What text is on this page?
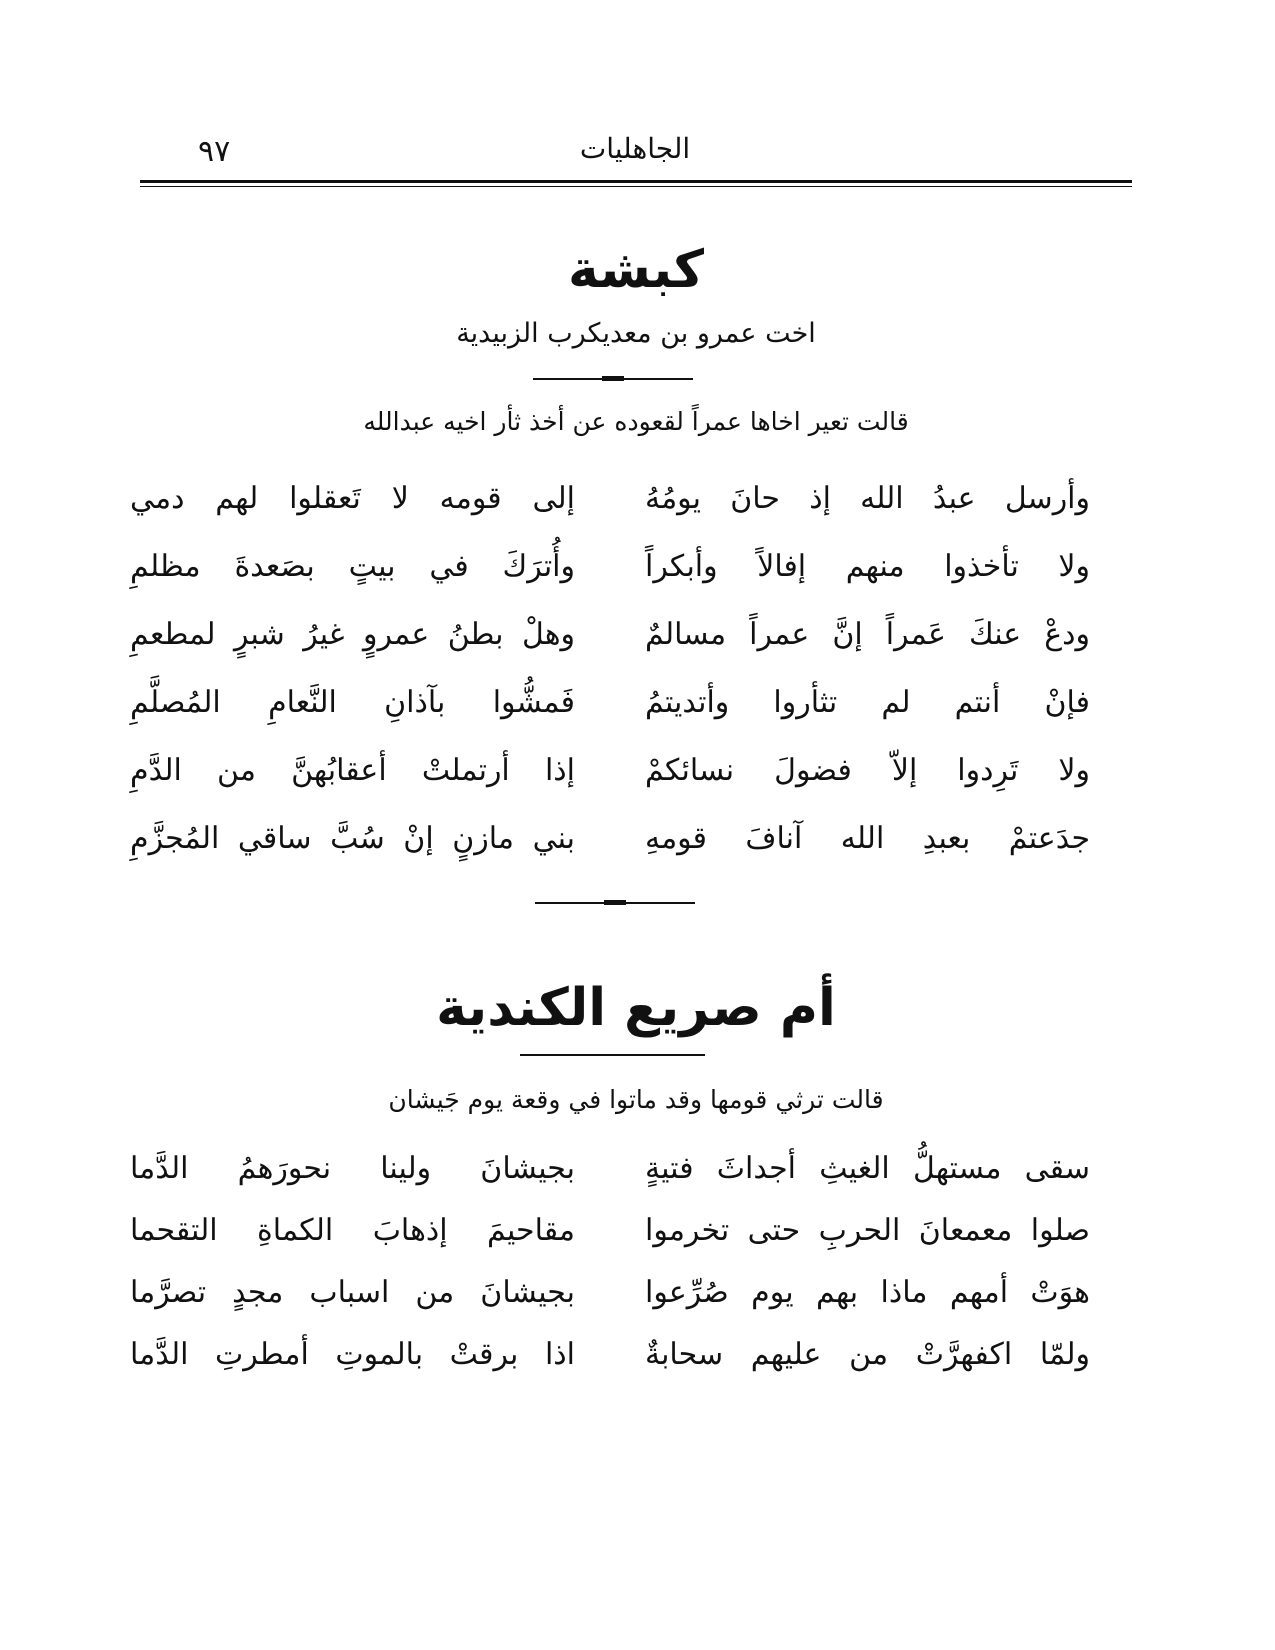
٩٧	الجاهليات
كبشة
اخت عمرو بن معديكرب الزبيدية
قالت تعير اخاها عمراً لقعوده عن أخذ ثأر اخيه عبدالله
وأرسل عبدُ الله إذ حانَ يومُهُ
إلى قومه لا تَعقلوا لهم دمي
ولا تأخذوا منهم إفالاً وأبكراً
وأُترَكَ في بيتٍ بصَعدةَ مظلمِ
ودعْ عنكَ عَمراً إنَّ عمراً مسالمٌ
وهلْ بطنُ عمروٍ غيرُ شبرٍ لمطعمِ
فإنْ أنتم لم تثأروا وأتديتمُ
فَمشُّوا بآذانِ النَّعامِ المُصلَّمِ
ولا تَرِدوا إلاّ فضولَ نسائكمْ
إذا أرتملتْ أعقابُهنَّ من الدَّمِ
جدَعتمْ بعبدِ الله آنافَ قومهِ
بني مازنٍ إنْ سُبَّ ساقي المُجزَّمِ
أم صريع الكندية
قالت ترثي قومها وقد ماتوا في وقعة يوم جَيشان
سقى مستهلُّ الغيثِ أجداثَ فتيةٍ
بجيشانَ ولينا نحورَهمُ الدَّما
صلوا معمعانَ الحربِ حتى تخرموا
مقاحيمَ إذهابَ الكماةِ التقحما
هوَتْ أمهم ماذا بهم يوم صُرِّعوا
بجيشانَ من اسباب مجدٍ تصرَّما
ولمّا اكفهرَّتْ من عليهم سحابةٌ
اذا برقتْ بالموتِ أمطرتِ الدَّما
